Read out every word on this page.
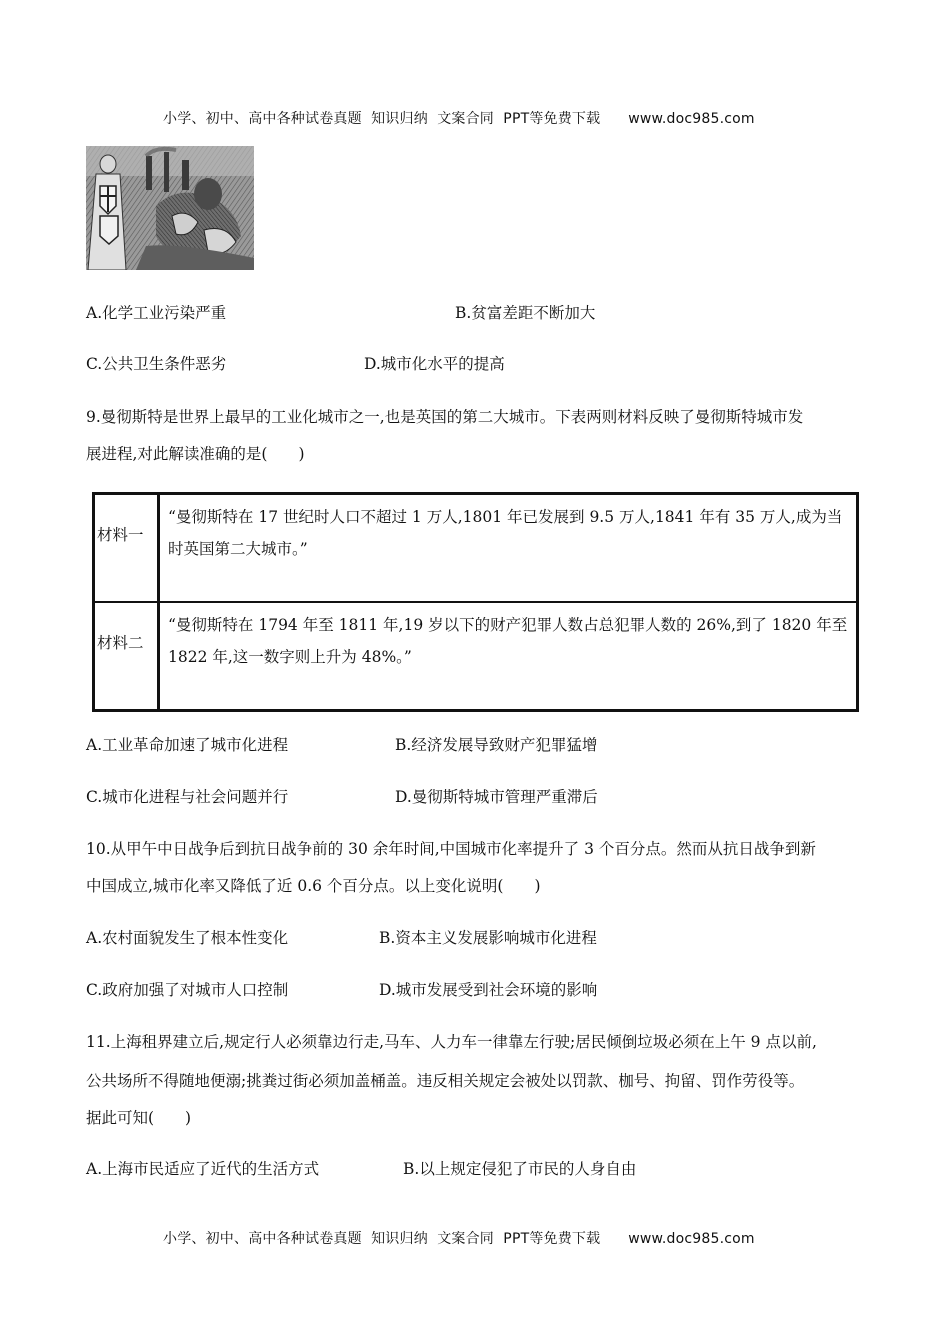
小学、初中、高中各种试卷真题  知识归纳  文案合同  PPT等免费下载      www.doc985.com
A.化学工业污染严重	B.贫富差距不断加大
C.公共卫生条件恶劣	D.城市化水平的提高
9.曼彻斯特是世界上最早的工业化城市之一,也是英国的第二大城市。下表两则材料反映了曼彻斯特城市发
展进程,对此解读准确的是(　　)
材料一	“曼彻斯特在 17 世纪时人口不超过 1 万人,1801 年已发展到 9.5 万人,1841 年有 35 万人,成为当时英国第二大城市。”
材料二	“曼彻斯特在 1794 年至 1811 年,19 岁以下的财产犯罪人数占总犯罪人数的 26%,到了 1820 年至 1822 年,这一数字则上升为 48%。”
A.工业革命加速了城市化进程	B.经济发展导致财产犯罪猛增
C.城市化进程与社会问题并行	D.曼彻斯特城市管理严重滞后
10.从甲午中日战争后到抗日战争前的 30 余年时间,中国城市化率提升了 3 个百分点。然而从抗日战争到新
中国成立,城市化率又降低了近 0.6 个百分点。以上变化说明(　　)
A.农村面貌发生了根本性变化	B.资本主义发展影响城市化进程
C.政府加强了对城市人口控制	D.城市发展受到社会环境的影响
11.上海租界建立后,规定行人必须靠边行走,马车、人力车一律靠左行驶;居民倾倒垃圾必须在上午 9 点以前,
公共场所不得随地便溺;挑粪过街必须加盖桶盖。违反相关规定会被处以罚款、枷号、拘留、罚作劳役等。
据此可知(　　)
A.上海市民适应了近代的生活方式	B.以上规定侵犯了市民的人身自由
小学、初中、高中各种试卷真题  知识归纳  文案合同  PPT等免费下载      www.doc985.com
